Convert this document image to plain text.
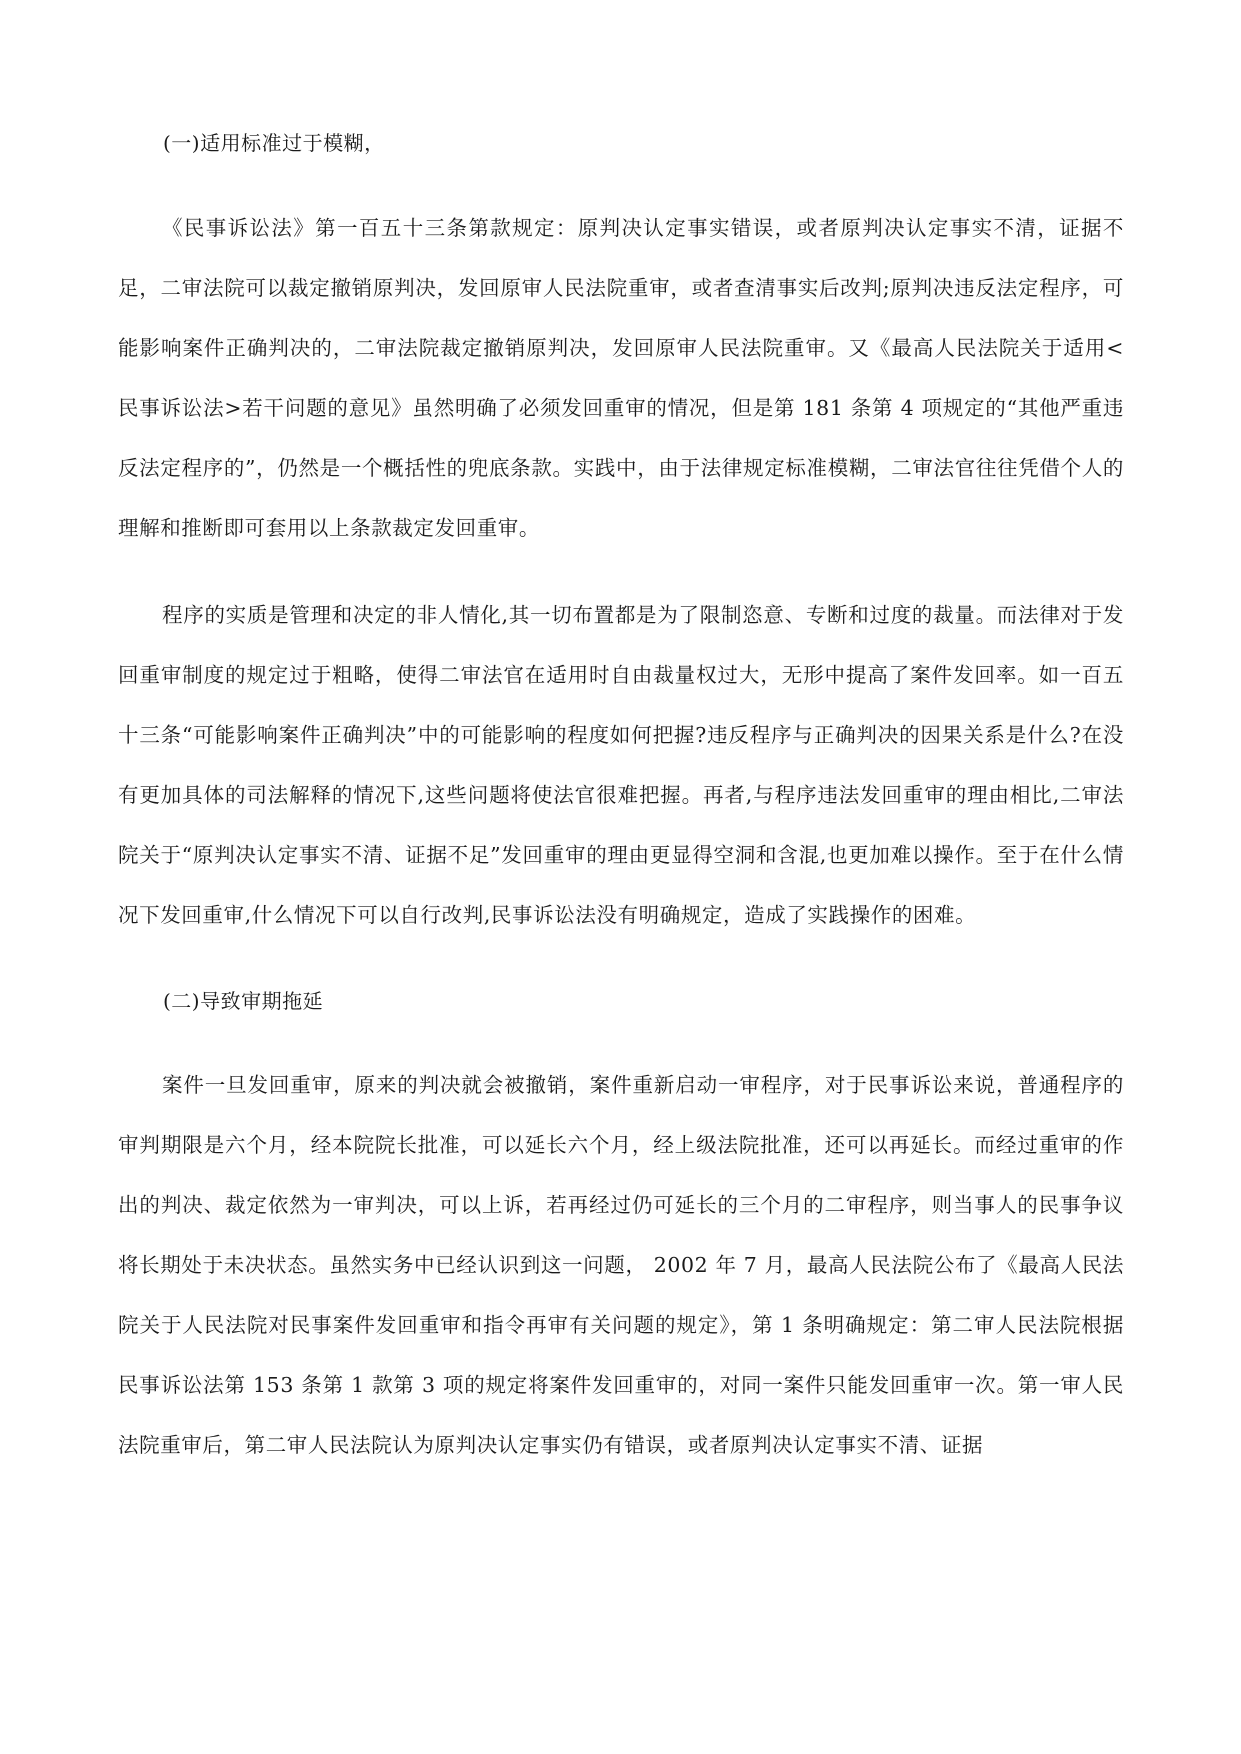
(一)适用标准过于模糊，

《民事诉讼法》第一百五十三条第款规定：原判决认定事实错误，或者原判决认定事实不清，证据不足，二审法院可以裁定撤销原判决，发回原审人民法院重审，或者查清事实后改判;原判决违反法定程序，可能影响案件正确判决的，二审法院裁定撤销原判决，发回原审人民法院重审。又《最高人民法院关于适用<民事诉讼法>若干问题的意见》虽然明确了必须发回重审的情况，但是第 181 条第 4 项规定的“其他严重违反法定程序的”，仍然是一个概括性的兜底条款。实践中，由于法律规定标准模糊，二审法官往往凭借个人的理解和推断即可套用以上条款裁定发回重审。

程序的实质是管理和决定的非人情化,其一切布置都是为了限制恣意、专断和过度的裁量。而法律对于发回重审制度的规定过于粗略，使得二审法官在适用时自由裁量权过大，无形中提高了案件发回率。如一百五十三条“可能影响案件正确判决”中的可能影响的程度如何把握?违反程序与正确判决的因果关系是什么?在没有更加具体的司法解释的情况下,这些问题将使法官很难把握。再者,与程序违法发回重审的理由相比,二审法院关于“原判决认定事实不清、证据不足”发回重审的理由更显得空洞和含混,也更加难以操作。至于在什么情况下发回重审,什么情况下可以自行改判,民事诉讼法没有明确规定，造成了实践操作的困难。

(二)导致审期拖延

案件一旦发回重审，原来的判决就会被撤销，案件重新启动一审程序，对于民事诉讼来说，普通程序的审判期限是六个月，经本院院长批准，可以延长六个月，经上级法院批准，还可以再延长。而经过重审的作出的判决、裁定依然为一审判决，可以上诉，若再经过仍可延长的三个月的二审程序，则当事人的民事争议将长期处于未决状态。虽然实务中已经认识到这一问题， 2002 年 7 月，最高人民法院公布了《最高人民法院关于人民法院对民事案件发回重审和指令再审有关问题的规定》，第 1 条明确规定：第二审人民法院根据民事诉讼法第 153 条第 1 款第 3 项的规定将案件发回重审的，对同一案件只能发回重审一次。第一审人民法院重审后，第二审人民法院认为原判决认定事实仍有错误，或者原判决认定事实不清、证据
